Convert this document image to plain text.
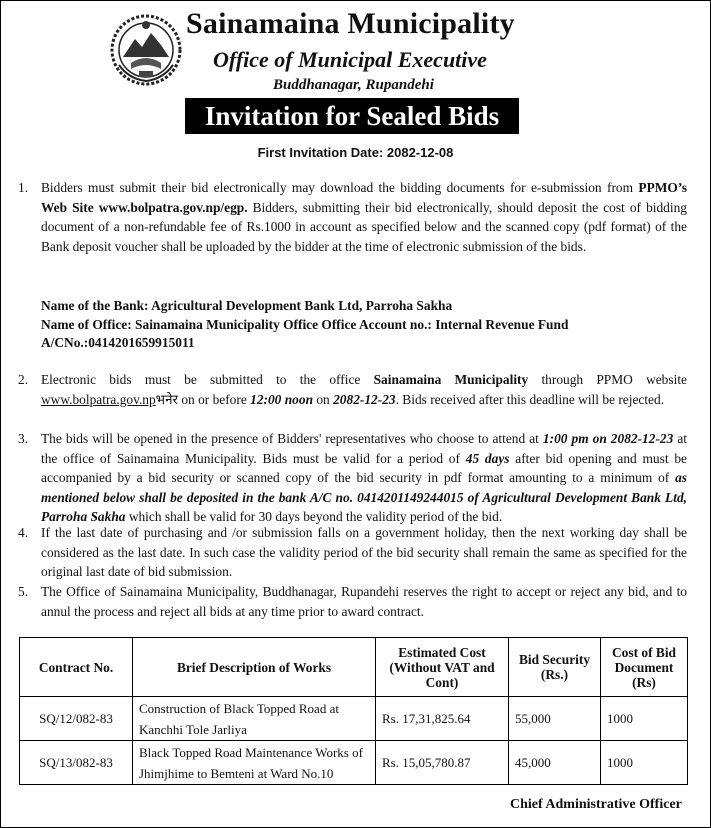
Sainamaina Municipality
Office of Municipal Executive
Buddhanagar, Rupandehi
Invitation for Sealed Bids
First Invitation Date: 2082-12-08
1. Bidders must submit their bid electronically may download the bidding documents for e-submission from PPMO’s Web Site www.bolpatra.gov.np/egp. Bidders, submitting their bid electronically, should deposit the cost of bidding document of a non-refundable fee of Rs.1000 in account as specified below and the scanned copy (pdf format) of the Bank deposit voucher shall be uploaded by the bidder at the time of electronic submission of the bids.
Name of the Bank: Agricultural Development Bank Ltd, Parroha Sakha
Name of Office: Sainamaina Municipality Office Office Account no.: Internal Revenue Fund
A/CNo.:0414201659915011
2. Electronic bids must be submitted to the office Sainamaina Municipality through PPMO website www.bolpatra.gov.npभनेर on or before 12:00 noon on 2082-12-23. Bids received after this deadline will be rejected.
3. The bids will be opened in the presence of Bidders' representatives who choose to attend at 1:00 pm on 2082-12-23 at the office of Sainamaina Municipality. Bids must be valid for a period of 45 days after bid opening and must be accompanied by a bid security or scanned copy of the bid security in pdf format amounting to a minimum of as mentioned below shall be deposited in the bank A/C no. 0414201149244015 of Agricultural Development Bank Ltd, Parroha Sakha which shall be valid for 30 days beyond the validity period of the bid.
4. If the last date of purchasing and /or submission falls on a government holiday, then the next working day shall be considered as the last date. In such case the validity period of the bid security shall remain the same as specified for the original last date of bid submission.
5. The Office of Sainamaina Municipality, Buddhanagar, Rupandehi reserves the right to accept or reject any bid, and to annul the process and reject all bids at any time prior to award contract.
Contract No.	Brief Description of Works	Estimated Cost (Without VAT and Cont)	Bid Security (Rs.)	Cost of Bid Document (Rs)
SQ/12/082-83	Construction of Black Topped Road at Kanchhi Tole Jarliya	Rs. 17,31,825.64	55,000	1000
SQ/13/082-83	Black Topped Road Maintenance Works of Jhimjhime to Bemteni at Ward No.10	Rs. 15,05,780.87	45,000	1000
Chief Administrative Officer
